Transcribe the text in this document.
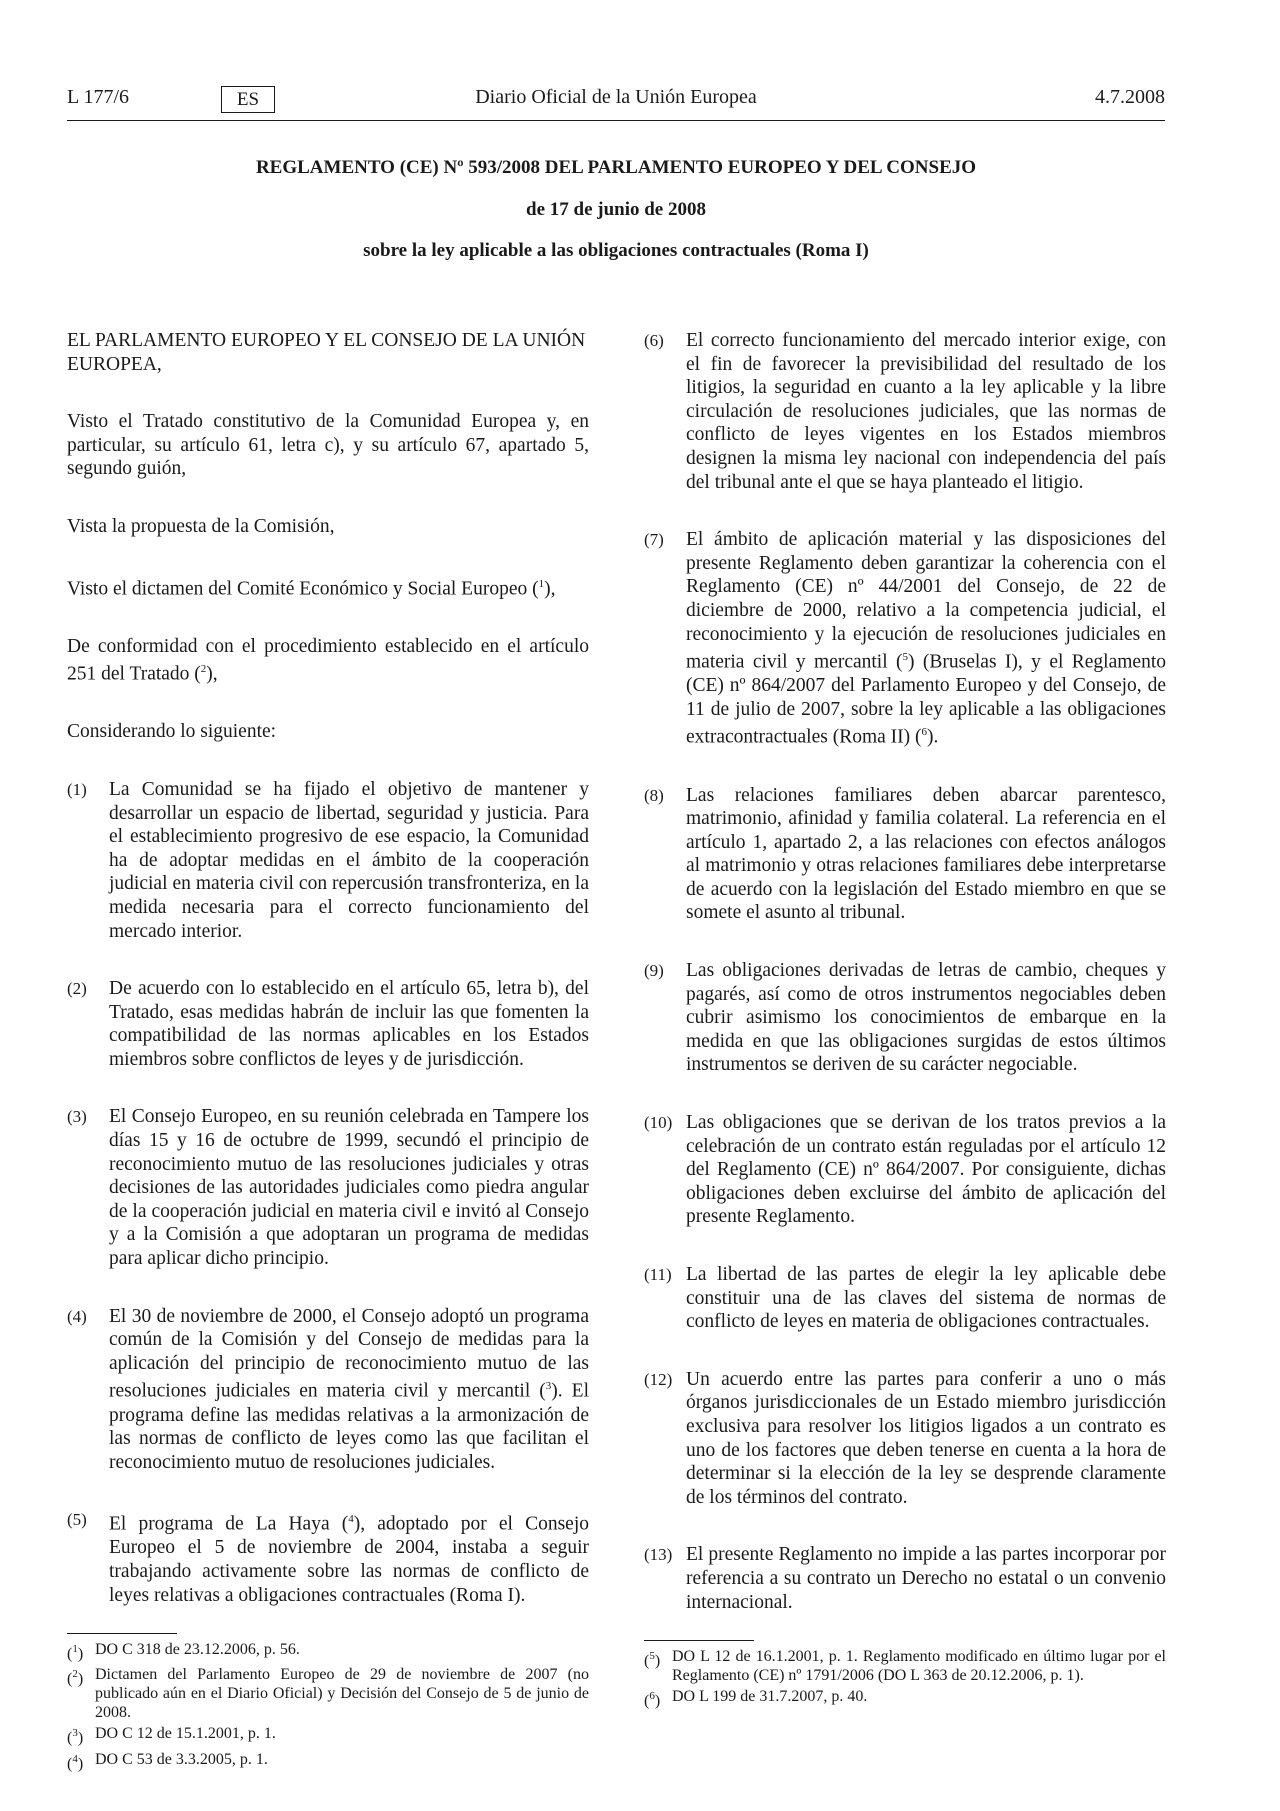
L 177/6	ES	Diario Oficial de la Unión Europea	4.7.2008
REGLAMENTO (CE) Nº 593/2008 DEL PARLAMENTO EUROPEO Y DEL CONSEJO
de 17 de junio de 2008
sobre la ley aplicable a las obligaciones contractuales (Roma I)

EL PARLAMENTO EUROPEO Y EL CONSEJO DE LA UNIÓN EUROPEA,

Visto el Tratado constitutivo de la Comunidad Europea y, en particular, su artículo 61, letra c), y su artículo 67, apartado 5, segundo guión,

Vista la propuesta de la Comisión,

Visto el dictamen del Comité Económico y Social Europeo ($^1$),

De conformidad con el procedimiento establecido en el artículo 251 del Tratado ($^2$),

Considerando lo siguiente:

(1)	La Comunidad se ha fijado el objetivo de mantener y desarrollar un espacio de libertad, seguridad y justicia. Para el establecimiento progresivo de ese espacio, la Comunidad ha de adoptar medidas en el ámbito de la cooperación judicial en materia civil con repercusión transfronteriza, en la medida necesaria para el correcto funcionamiento del mercado interior.
(2)	De acuerdo con lo establecido en el artículo 65, letra b), del Tratado, esas medidas habrán de incluir las que fomenten la compatibilidad de las normas aplicables en los Estados miembros sobre conflictos de leyes y de jurisdicción.
(3)	El Consejo Europeo, en su reunión celebrada en Tampere los días 15 y 16 de octubre de 1999, secundó el principio de reconocimiento mutuo de las resoluciones judiciales y otras decisiones de las autoridades judiciales como piedra angular de la cooperación judicial en materia civil e invitó al Consejo y a la Comisión a que adoptaran un programa de medidas para aplicar dicho principio.
(4)	El 30 de noviembre de 2000, el Consejo adoptó un programa común de la Comisión y del Consejo de medidas para la aplicación del principio de reconocimiento mutuo de las resoluciones judiciales en materia civil y mercantil ($^3$). El programa define las medidas relativas a la armonización de las normas de conflicto de leyes como las que facilitan el reconocimiento mutuo de resoluciones judiciales.
(5)	El programa de La Haya ($^4$), adoptado por el Consejo Europeo el 5 de noviembre de 2004, instaba a seguir trabajando activamente sobre las normas de conflicto de leyes relativas a obligaciones contractuales (Roma I).
($^1$) DO C 318 de 23.12.2006, p. 56.
($^2$) Dictamen del Parlamento Europeo de 29 de noviembre de 2007 (no publicado aún en el Diario Oficial) y Decisión del Consejo de 5 de junio de 2008.
($^3$) DO C 12 de 15.1.2001, p. 1.
($^4$) DO C 53 de 3.3.2005, p. 1.
(6)	El correcto funcionamiento del mercado interior exige, con el fin de favorecer la previsibilidad del resultado de los litigios, la seguridad en cuanto a la ley aplicable y la libre circulación de resoluciones judiciales, que las normas de conflicto de leyes vigentes en los Estados miembros designen la misma ley nacional con independencia del país del tribunal ante el que se haya planteado el litigio.
(7)	El ámbito de aplicación material y las disposiciones del presente Reglamento deben garantizar la coherencia con el Reglamento (CE) nº 44/2001 del Consejo, de 22 de diciembre de 2000, relativo a la competencia judicial, el reconocimiento y la ejecución de resoluciones judiciales en materia civil y mercantil ($^5$) (Bruselas I), y el Reglamento (CE) nº 864/2007 del Parlamento Europeo y del Consejo, de 11 de julio de 2007, sobre la ley aplicable a las obligaciones extracontractuales (Roma II) ($^6$).
(8)	Las relaciones familiares deben abarcar parentesco, matrimonio, afinidad y familia colateral. La referencia en el artículo 1, apartado 2, a las relaciones con efectos análogos al matrimonio y otras relaciones familiares debe interpretarse de acuerdo con la legislación del Estado miembro en que se somete el asunto al tribunal.
(9)	Las obligaciones derivadas de letras de cambio, cheques y pagarés, así como de otros instrumentos negociables deben cubrir asimismo los conocimientos de embarque en la medida en que las obligaciones surgidas de estos últimos instrumentos se deriven de su carácter negociable.
(10) Las obligaciones que se derivan de los tratos previos a la celebración de un contrato están reguladas por el artículo 12 del Reglamento (CE) nº 864/2007. Por consiguiente, dichas obligaciones deben excluirse del ámbito de aplicación del presente Reglamento.
(11) La libertad de las partes de elegir la ley aplicable debe constituir una de las claves del sistema de normas de conflicto de leyes en materia de obligaciones contractuales.
(12) Un acuerdo entre las partes para conferir a uno o más órganos jurisdiccionales de un Estado miembro jurisdicción exclusiva para resolver los litigios ligados a un contrato es uno de los factores que deben tenerse en cuenta a la hora de determinar si la elección de la ley se desprende claramente de los términos del contrato.
(13) El presente Reglamento no impide a las partes incorporar por referencia a su contrato un Derecho no estatal o un convenio internacional.
($^5$) DO L 12 de 16.1.2001, p. 1. Reglamento modificado en último lugar por el Reglamento (CE) nº 1791/2006 (DO L 363 de 20.12.2006, p. 1).
($^6$) DO L 199 de 31.7.2007, p. 40.
